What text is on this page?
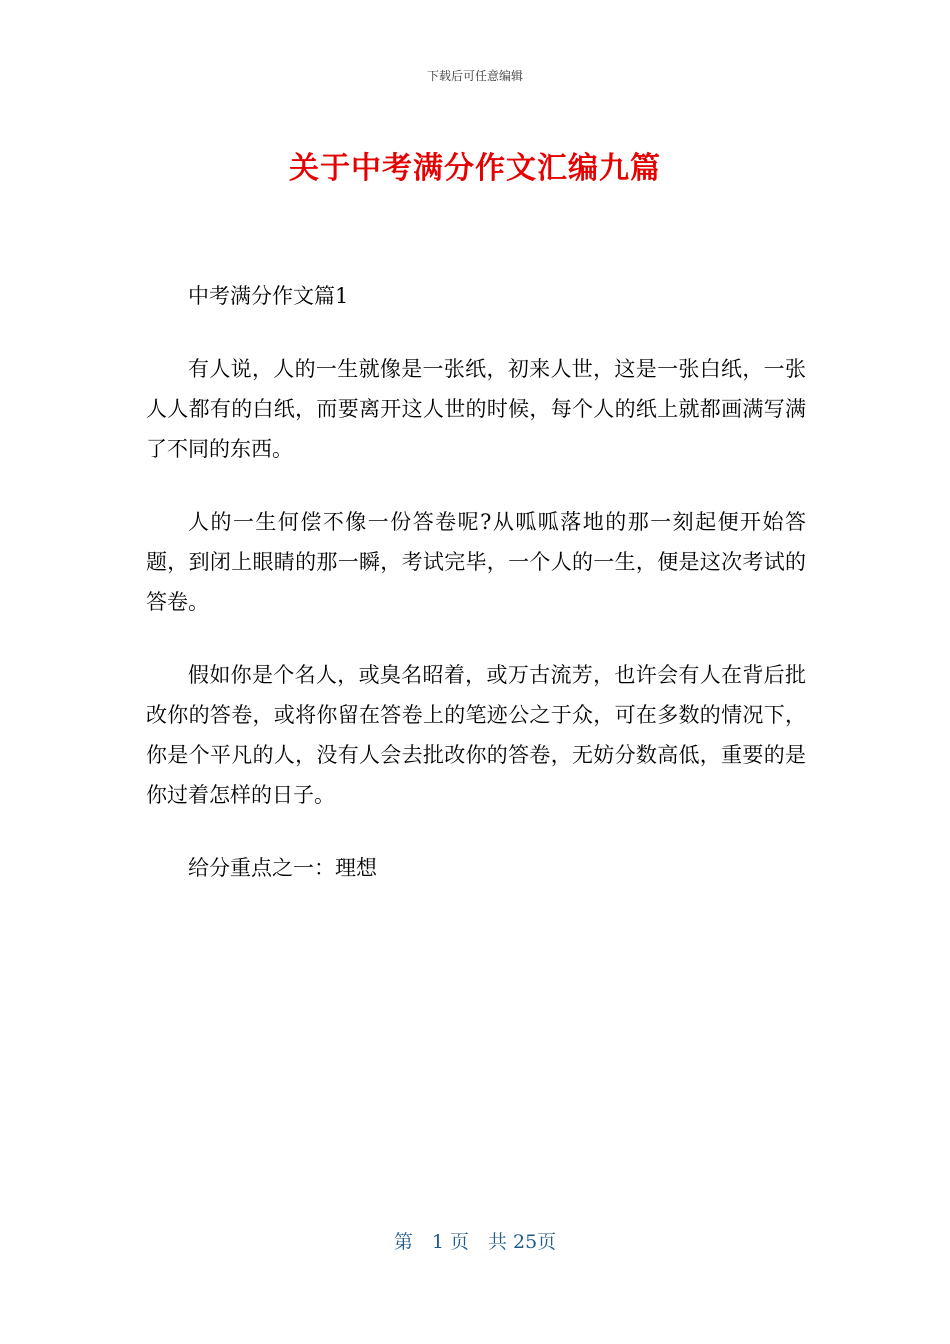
下载后可任意编辑
关于中考满分作文汇编九篇

中考满分作文篇1

有人说，人的一生就像是一张纸，初来人世，这是一张白纸，一张人人都有的白纸，而要离开这人世的时候，每个人的纸上就都画满写满了不同的东西。

人的一生何偿不像一份答卷呢?从呱呱落地的那一刻起便开始答题，到闭上眼睛的那一瞬，考试完毕，一个人的一生，便是这次考试的答卷。

假如你是个名人，或臭名昭着，或万古流芳，也许会有人在背后批改你的答卷，或将你留在答卷上的笔迹公之于众，可在多数的情况下，你是个平凡的人，没有人会去批改你的答卷，无妨分数高低，重要的是你过着怎样的日子。

给分重点之一：理想

第　1 页　共 25页
